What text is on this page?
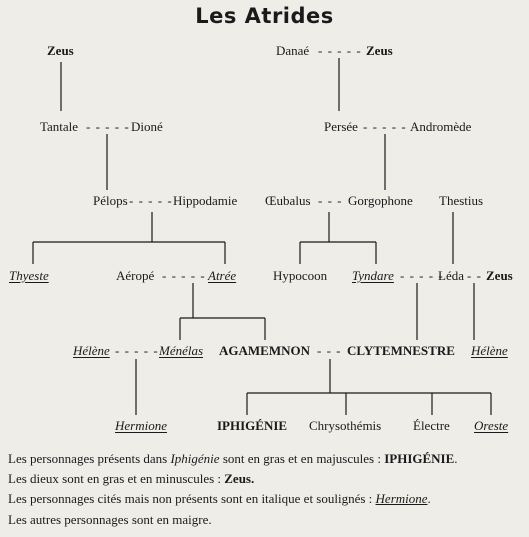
Les Atrides
Zeus	Danaé - - - - - Zeus
Tantale - - - - - Dioné	Persée - - - - - Andromède
Pélops - - - - - Hippodamie Œubalus - - - Gorgophone Thestius
Thyeste	Aéropé - - - - - Atrée	Hypocoon Tyndare - - - - -
Léda - - Zeus
Hélène - - - - - Ménélas AGAMEMNON - - - CLYTEMNESTRE Hélène
Hermione	IPHIGÉNIE Chrysothémis Électre Oreste
Les personnages présents dans Iphigénie sont en gras et en majuscules : IPHIGÉNIE.
Les dieux sont en gras et en minuscules : Zeus.
Les personnages cités mais non présents sont en italique et soulignés : Hermione.
Les autres personnages sont en maigre.
